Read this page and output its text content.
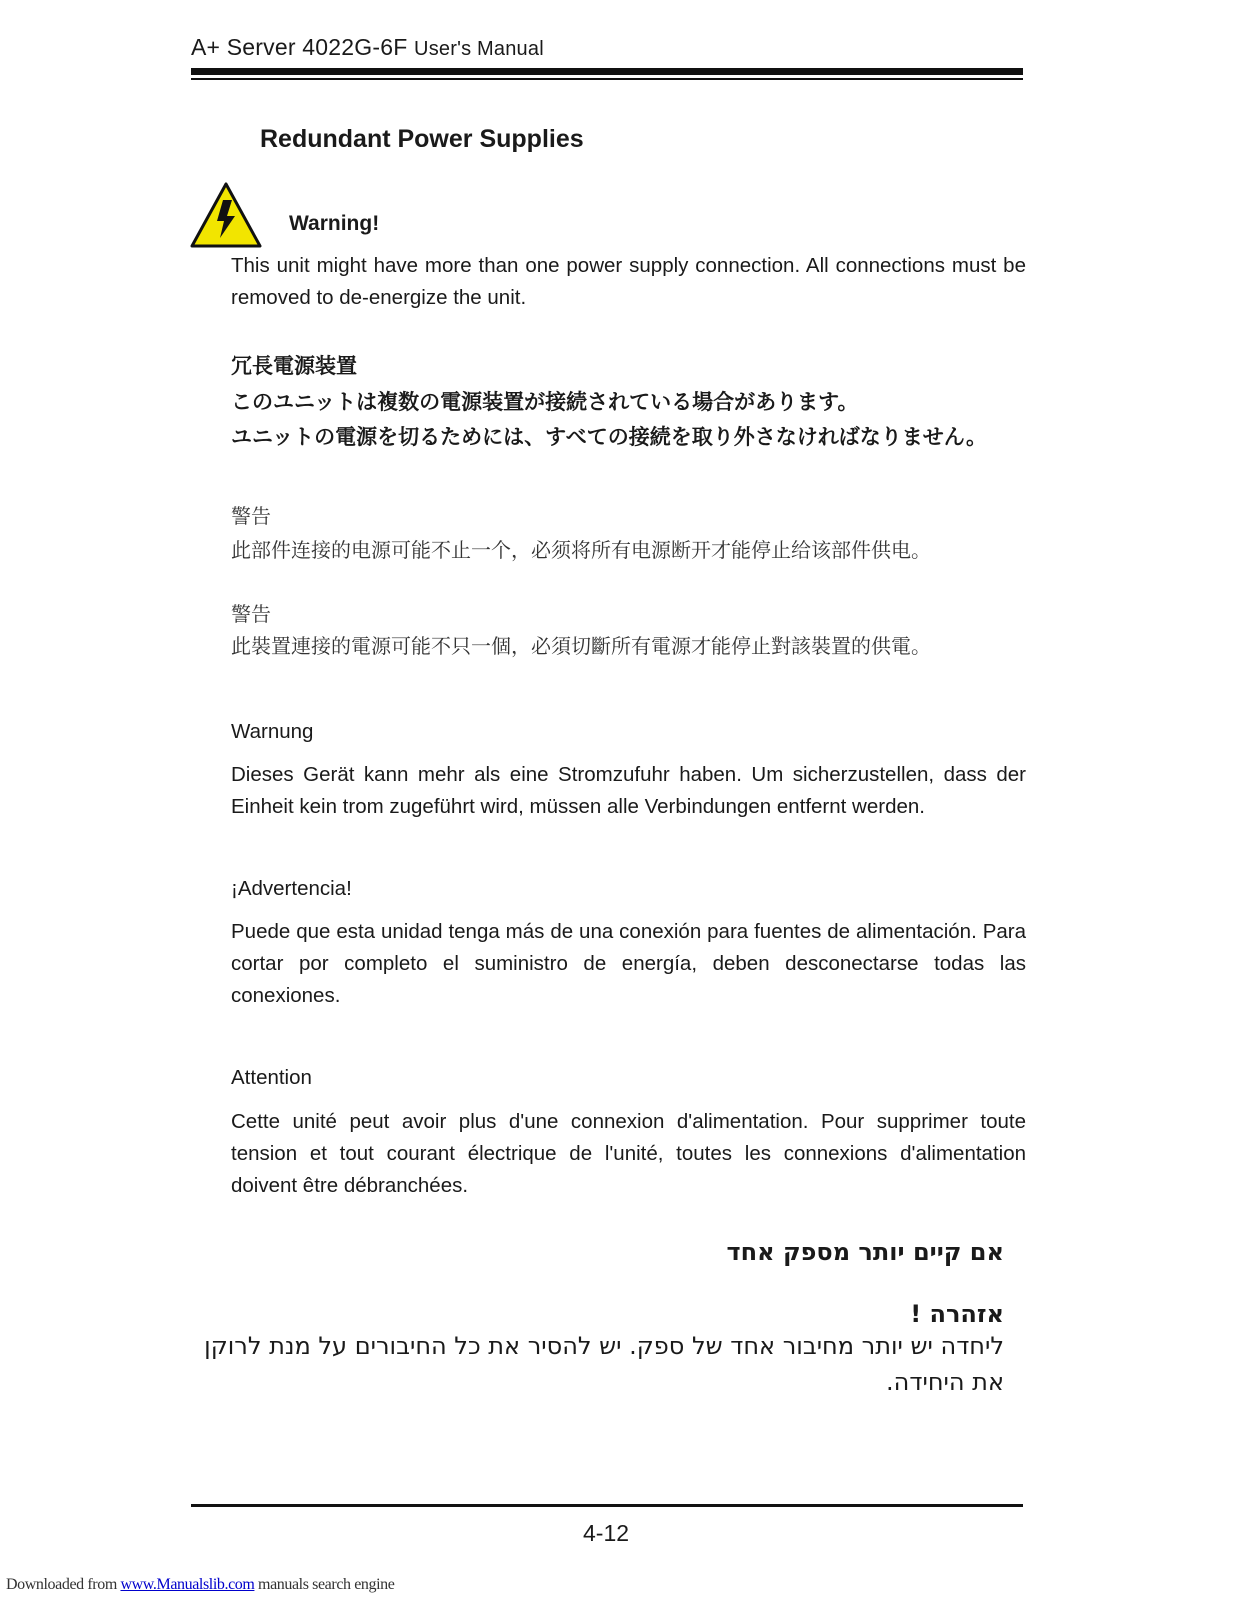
A+ Server 4022G-6F User's Manual
Redundant Power Supplies
Warning!
This unit might have more than one power supply connection. All connections must be removed to de-energize the unit.
冗長電源装置
このユニットは複数の電源装置が接続されている場合があります。
ユニットの電源を切るためには、すべての接続を取り外さなければなりません。
警告
此部件连接的电源可能不止一个，必须将所有电源断开才能停止给该部件供电。
警告
此裝置連接的電源可能不只一個，必須切斷所有電源才能停止對該裝置的供電。
Warnung
Dieses Gerät kann mehr als eine Stromzufuhr haben. Um sicherzustellen, dass der Einheit kein trom zugeführt wird, müssen alle Verbindungen entfernt werden.
¡Advertencia!
Puede que esta unidad tenga más de una conexión para fuentes de alimentación. Para cortar por completo el suministro de energía, deben desconectarse todas las conexiones.
Attention
Cette unité peut avoir plus d'une connexion d'alimentation. Pour supprimer toute tension et tout courant électrique de l'unité, toutes les connexions d'alimentation doivent être débranchées.
אם קיים יותר מספק אחד
אזהרה !
ליחדה יש יותר מחיבור אחד של ספק. יש להסיר את כל החיבורים על מנת לרוקן את היחידה.
4-12
Downloaded from www.Manualslib.com manuals search engine
